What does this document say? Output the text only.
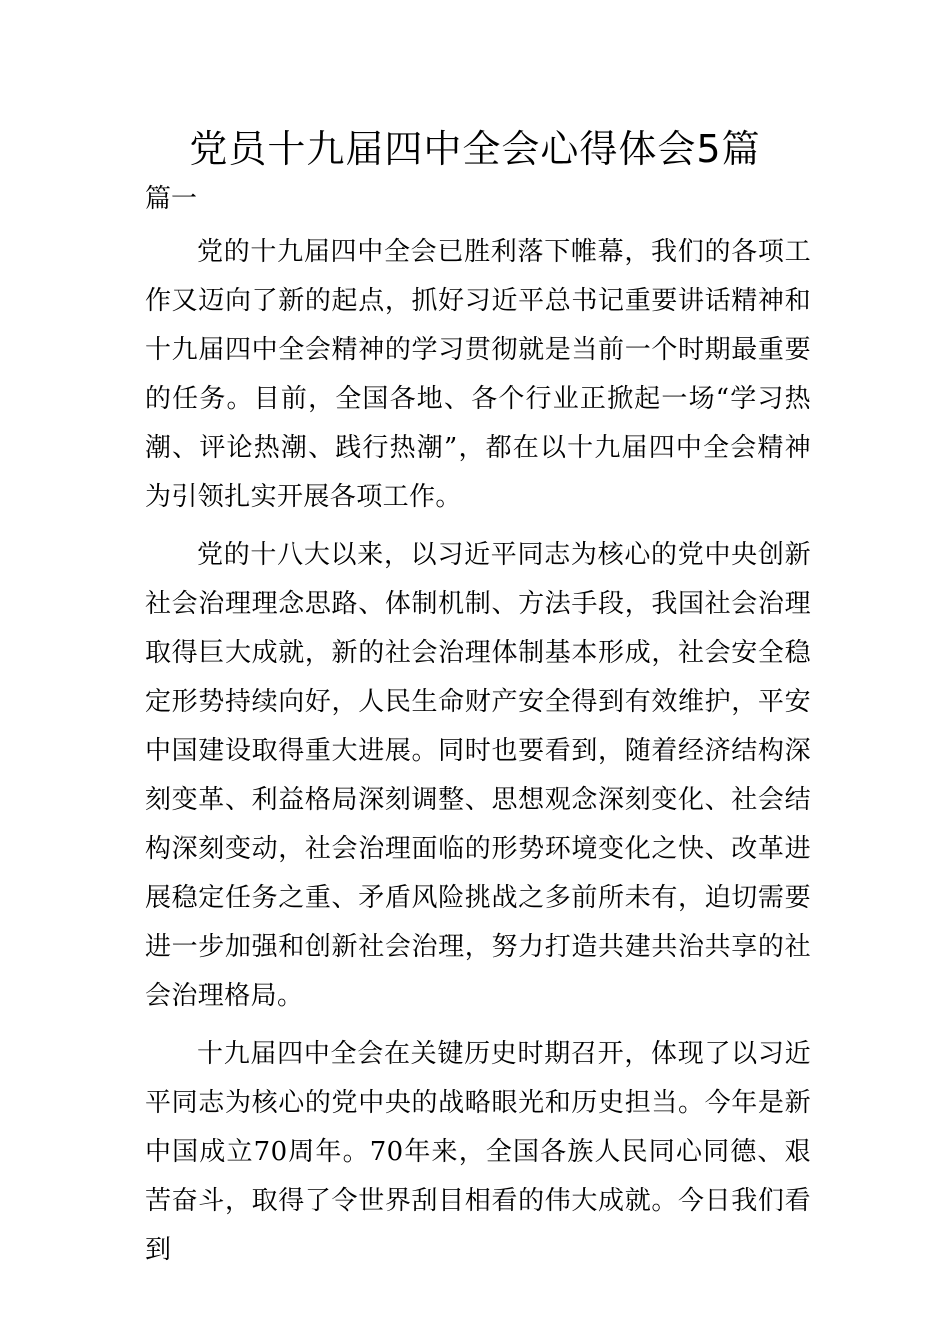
党员十九届四中全会心得体会5篇

篇一

党的十九届四中全会已胜利落下帷幕，我们的各项工作又迈向了新的起点，抓好习近平总书记重要讲话精神和十九届四中全会精神的学习贯彻就是当前一个时期最重要的任务。目前，全国各地、各个行业正掀起一场“学习热潮、评论热潮、践行热潮”，都在以十九届四中全会精神为引领扎实开展各项工作。

党的十八大以来，以习近平同志为核心的党中央创新社会治理理念思路、体制机制、方法手段，我国社会治理取得巨大成就，新的社会治理体制基本形成，社会安全稳定形势持续向好，人民生命财产安全得到有效维护，平安中国建设取得重大进展。同时也要看到，随着经济结构深刻变革、利益格局深刻调整、思想观念深刻变化、社会结构深刻变动，社会治理面临的形势环境变化之快、改革进展稳定任务之重、矛盾风险挑战之多前所未有，迫切需要进一步加强和创新社会治理，努力打造共建共治共享的社会治理格局。

十九届四中全会在关键历史时期召开，体现了以习近平同志为核心的党中央的战略眼光和历史担当。今年是新中国成立70周年。70年来，全国各族人民同心同德、艰苦奋斗，取得了令世界刮目相看的伟大成就。今日我们看到
